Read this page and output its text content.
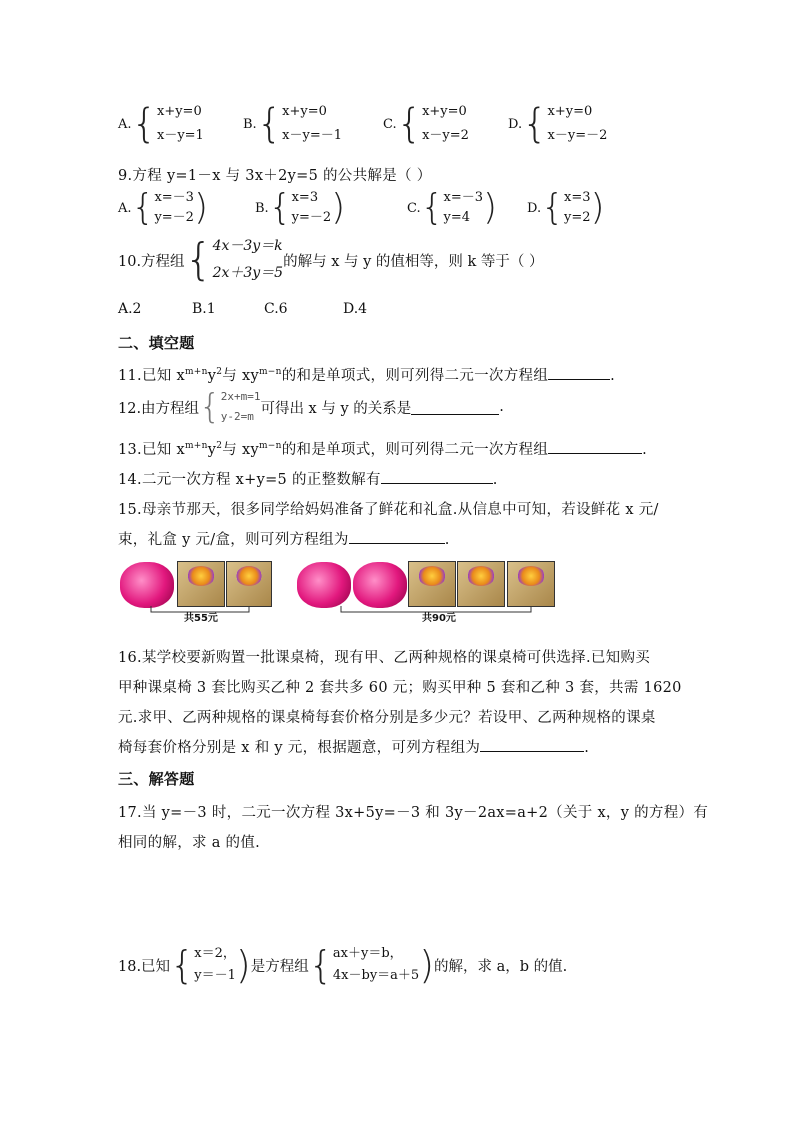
A. { x+y=0
x－y=1
B. { x+y=0
x－y=－1
C. { x+y=0
x－y=2
D. { x+y=0
x－y=－2
9.方程 y=1－x 与 3x＋2y=5 的公共解是（ ）
A. { x=－3
y=－2 )	B. { x=3
y=－2 )	C. { x=－3
y=4 ) D. { x=3
y=2 )
10.方程组 { 4x－3y＝k
2x＋3y＝5
的解与 x 与 y 的值相等，则 k 等于（ ）
A.2	B.1	C.6	D.4
二、填空题
11.已知 $x^{m+n}y^2$与 $xy^{m-n}$的和是单项式，则可列得二元一次方程组	.
12.由方程组 { 2x+m=1
y-2=m 可得出 x 与 y 的关系是	.
13.已知 $x^{m+n}y^2$与 $xy^{m-n}$的和是单项式，则可列得二元一次方程组	.
14.二元一次方程 x+y=5 的正整数解有	.
15.母亲节那天，很多同学给妈妈准备了鲜花和礼盒.从信息中可知，若设鲜花 x 元/
束，礼盒 y 元/盒，则可列方程组为	.
共55元	共90元
16.某学校要新购置一批课桌椅，现有甲、乙两种规格的课桌椅可供选择.已知购买
甲种课桌椅 3 套比购买乙种 2 套共多 60 元；购买甲种 5 套和乙种 3 套，共需 1620
元.求甲、乙两种规格的课桌椅每套价格分别是多少元？若设甲、乙两种规格的课桌
椅每套价格分别是 x 和 y 元，根据题意，可列方程组为	.
三、解答题
17.当 y=－3 时，二元一次方程 3x+5y=－3 和 3y－2ax=a+2（关于 x，y 的方程）有
相同的解，求 a 的值.
18.已知 { x＝2，
y＝－1 ) 是方程组 { ax＋y＝b，
4x－by＝a＋5 ) 的解，求 a，b 的值.
